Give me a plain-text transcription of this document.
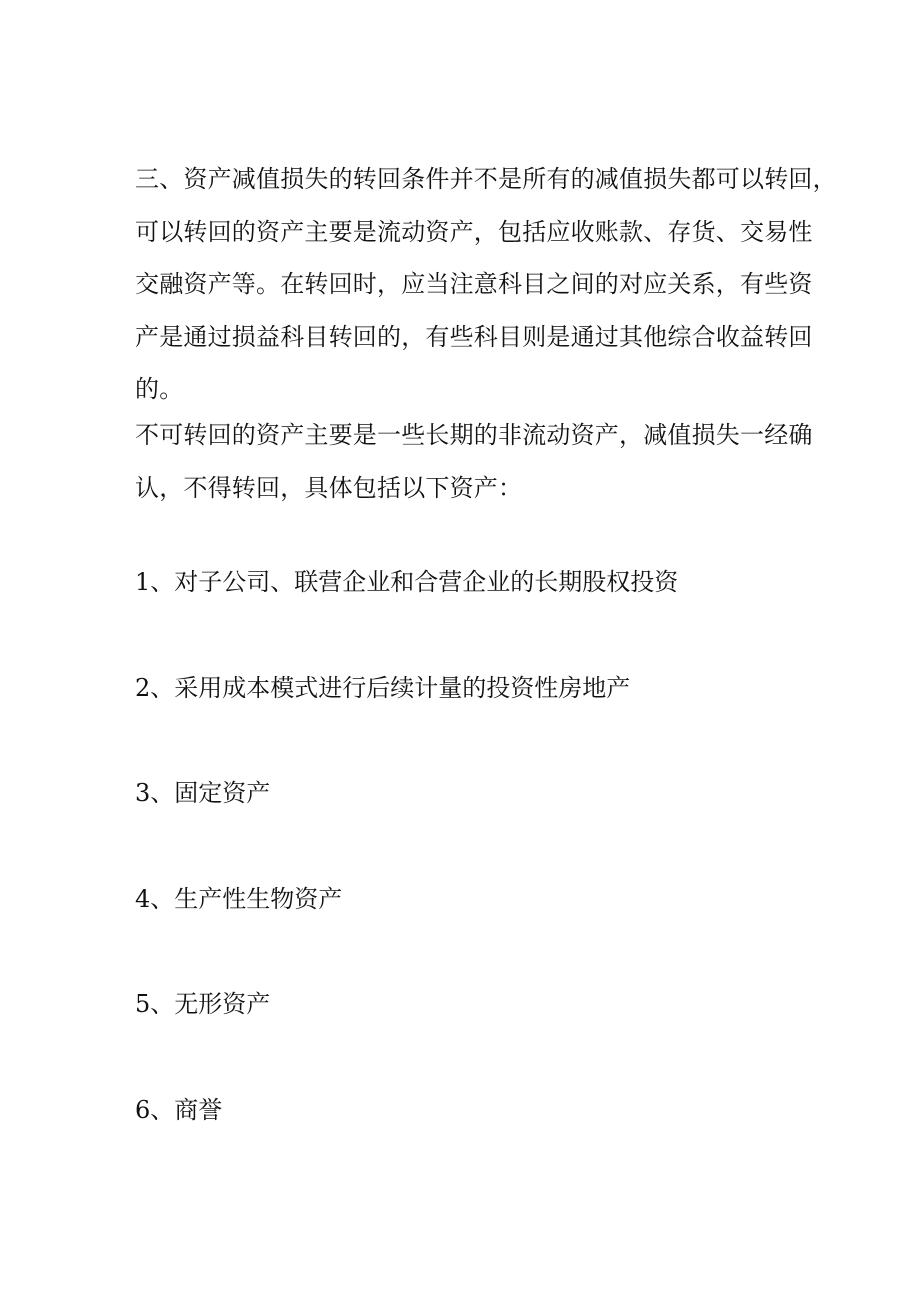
三、资产减值损失的转回条件并不是所有的减值损失都可以转回，
可以转回的资产主要是流动资产，包括应收账款、存货、交易性
交融资产等。在转回时，应当注意科目之间的对应关系，有些资
产是通过损益科目转回的，有些科目则是通过其他综合收益转回
的。

不可转回的资产主要是一些长期的非流动资产，减值损失一经确
认，不得转回，具体包括以下资产：

1、对子公司、联营企业和合营企业的长期股权投资

2、采用成本模式进行后续计量的投资性房地产

3、固定资产

4、生产性生物资产

5、无形资产

6、商誉
